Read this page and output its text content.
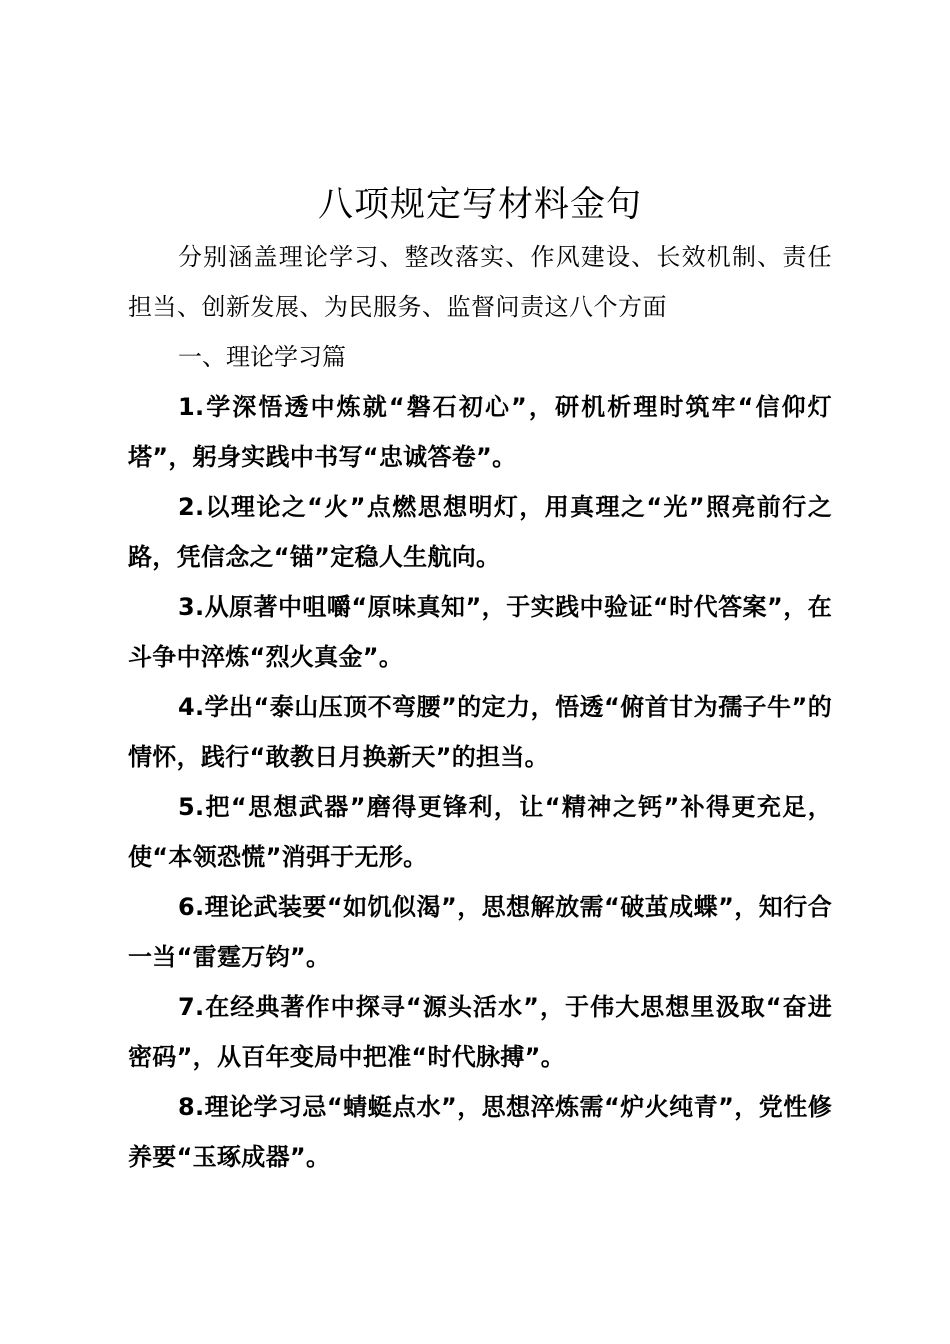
八项规定写材料金句

分别涵盖理论学习、整改落实、作风建设、长效机制、责任担当、创新发展、为民服务、监督问责这八个方面

一、理论学习篇

1.学深悟透中炼就“磐石初心”，研机析理时筑牢“信仰灯塔”，躬身实践中书写“忠诚答卷”。

2.以理论之“火”点燃思想明灯，用真理之“光”照亮前行之路，凭信念之“锚”定稳人生航向。

3.从原著中咀嚼“原味真知”，于实践中验证“时代答案”，在斗争中淬炼“烈火真金”。

4.学出“泰山压顶不弯腰”的定力，悟透“俯首甘为孺子牛”的情怀，践行“敢教日月换新天”的担当。

5.把“思想武器”磨得更锋利，让“精神之钙”补得更充足，使“本领恐慌”消弭于无形。

6.理论武装要“如饥似渴”，思想解放需“破茧成蝶”，知行合一当“雷霆万钧”。

7.在经典著作中探寻“源头活水”，于伟大思想里汲取“奋进密码”，从百年变局中把准“时代脉搏”。

8.理论学习忌“蜻蜓点水”，思想淬炼需“炉火纯青”，党性修养要“玉琢成器”。
